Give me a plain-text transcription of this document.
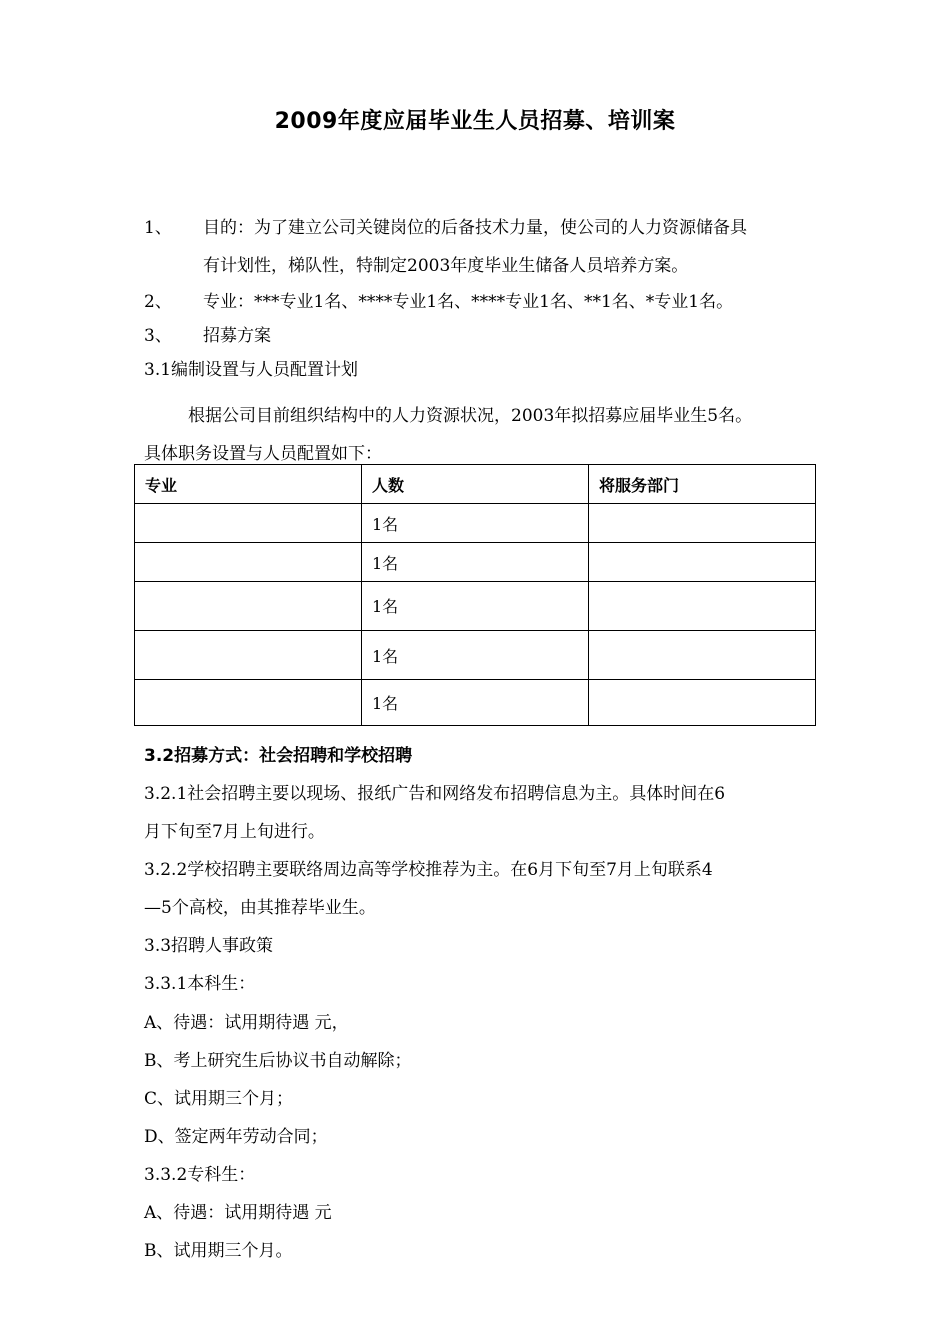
2009年度应届毕业生人员招募、培训案
1、 目的：为了建立公司关键岗位的后备技术力量，使公司的人力资源储备具
有计划性，梯队性，特制定2003年度毕业生储备人员培养方案。
2、 专业：***专业1名、****专业1名、****专业1名、**1名、*专业1名。
3、 招募方案
3.1编制设置与人员配置计划
根据公司目前组织结构中的人力资源状况，2003年拟招募应届毕业生5名。
具体职务设置与人员配置如下：
专业	人数	将服务部门
	1名	
	1名	
	1名	
	1名	
	1名	
3.2招募方式：社会招聘和学校招聘
3.2.1社会招聘主要以现场、报纸广告和网络发布招聘信息为主。具体时间在6
月下旬至7月上旬进行。
3.2.2学校招聘主要联络周边高等学校推荐为主。在6月下旬至7月上旬联系4
—5个高校，由其推荐毕业生。
3.3招聘人事政策
3.3.1本科生：
A、待遇：试用期待遇 元，
B、考上研究生后协议书自动解除；
C、试用期三个月；
D、签定两年劳动合同；
3.3.2专科生：
A、待遇：试用期待遇 元
B、试用期三个月。
